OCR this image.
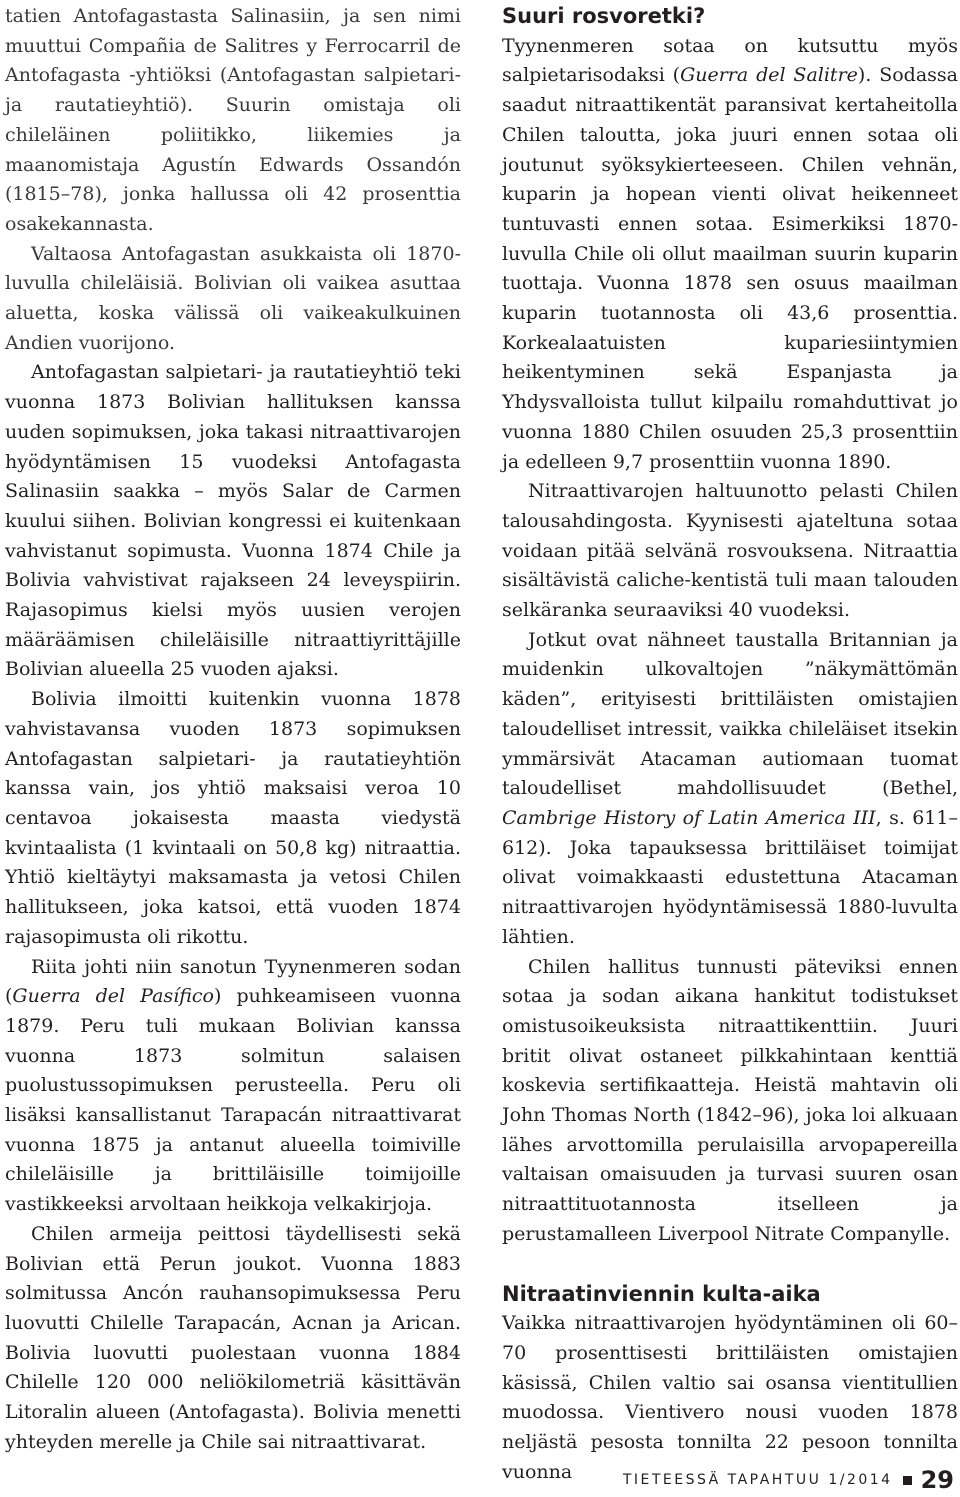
tatien Antofagastasta Salinasiin, ja sen nimi muuttui Compañia de Salitres y Ferrocarril de Antofagasta -yhtiöksi (Antofagastan salpietari- ja rautatieyhtiö). Suurin omistaja oli chileläinen poliitikko, liikemies ja maanomistaja Agustín Edwards Ossandón (1815–78), jonka hallussa oli 42 prosenttia osakekannasta.

Valtaosa Antofagastan asukkaista oli 1870-luvulla chileläisiä. Bolivian oli vaikea asuttaa aluetta, koska välissä oli vaikeakulkuinen Andien vuorijono.

Antofagastan salpietari- ja rautatieyhtiö teki vuonna 1873 Bolivian hallituksen kanssa uuden sopimuksen, joka takasi nitraattivarojen hyödyntämisen 15 vuodeksi Antofagasta Salinasiin saakka – myös Salar de Carmen kuului siihen. Bolivian kongressi ei kuitenkaan vahvistanut sopimusta. Vuonna 1874 Chile ja Bolivia vahvistivat rajakseen 24 leveyspiirin. Rajasopimus kielsi myös uusien verojen määräämisen chileläisille nitraattiyrittäjille Bolivian alueella 25 vuoden ajaksi.

Bolivia ilmoitti kuitenkin vuonna 1878 vahvistavansa vuoden 1873 sopimuksen Antofagastan salpietari- ja rautatieyhtiön kanssa vain, jos yhtiö maksaisi veroa 10 centavoa jokaisesta maasta viedystä kvintaalista (1 kvintaali on 50,8 kg) nitraattia. Yhtiö kieltäytyi maksamasta ja vetosi Chilen hallitukseen, joka katsoi, että vuoden 1874 rajasopimusta oli rikottu.

Riita johti niin sanotun Tyynenmeren sodan (Guerra del Pasífico) puhkeamiseen vuonna 1879. Peru tuli mukaan Bolivian kanssa vuonna 1873 solmitun salaisen puolustussopimuksen perusteella. Peru oli lisäksi kansallistanut Tarapacán nitraattivarat vuonna 1875 ja antanut alueella toimiville chileläisille ja brittiläisille toimijoille vastikkeeksi arvoltaan heikkoja velkakirjoja.

Chilen armeija peittosi täydellisesti sekä Bolivian että Perun joukot. Vuonna 1883 solmitussa Ancón rauhansopimuksessa Peru luovutti Chilelle Tarapacán, Acnan ja Arican. Bolivia luovutti puolestaan vuonna 1884 Chilelle 120 000 neliökilometriä käsittävän Litoralin alueen (Antofagasta). Bolivia menetti yhteyden merelle ja Chile sai nitraattivarat.

Suuri rosvoretki?

Tyynenmeren sotaa on kutsuttu myös salpietarisodaksi (Guerra del Salitre). Sodassa saadut nitraattikentät paransivat kertaheitolla Chilen taloutta, joka juuri ennen sotaa oli joutunut syöksykierteeseen. Chilen vehnän, kuparin ja hopean vienti olivat heikenneet tuntuvasti ennen sotaa. Esimerkiksi 1870-luvulla Chile oli ollut maailman suurin kuparin tuottaja. Vuonna 1878 sen osuus maailman kuparin tuotannosta oli 43,6 prosenttia. Korkealaatuisten kupariesiintymien heikentyminen sekä Espanjasta ja Yhdysvalloista tullut kilpailu romahduttivat jo vuonna 1880 Chilen osuuden 25,3 prosenttiin ja edelleen 9,7 prosenttiin vuonna 1890.

Nitraattivarojen haltuunotto pelasti Chilen talousahdingosta. Kyynisesti ajateltuna sotaa voidaan pitää selvänä rosvouksena. Nitraattia sisältävistä caliche-kentistä tuli maan talouden selkäranka seuraaviksi 40 vuodeksi.

Jotkut ovat nähneet taustalla Britannian ja muidenkin ulkovaltojen ”näkymättömän käden”, erityisesti brittiläisten omistajien taloudelliset intressit, vaikka chileläiset itsekin ymmärsivät Atacaman autiomaan tuomat taloudelliset mahdollisuudet (Bethel, Cambrige History of Latin America III, s. 611–612). Joka tapauksessa brittiläiset toimijat olivat voimakkaasti edustettuna Atacaman nitraattivarojen hyödyntämisessä 1880-luvulta lähtien.

Chilen hallitus tunnusti päteviksi ennen sotaa ja sodan aikana hankitut todistukset omistusoikeuksista nitraattikenttiin. Juuri britit olivat ostaneet pilkkahintaan kenttiä koskevia sertifikaatteja. Heistä mahtavin oli John Thomas North (1842–96), joka loi alkuaan lähes arvottomilla perulaisilla arvopapereilla valtaisan omaisuuden ja turvasi suuren osan nitraattituotannosta itselleen ja perustamalleen Liverpool Nitrate Companylle.

Nitraatinviennin kulta-aika

Vaikka nitraattivarojen hyödyntäminen oli 60–70 prosenttisesti brittiläisten omistajien käsissä, Chilen valtio sai osansa vientitullien muodossa. Vientivero nousi vuoden 1878 neljästä pesosta tonnilta 22 pesoon tonnilta vuonna	TIETEESSÄ TAPAHTUU 1/2014 29
